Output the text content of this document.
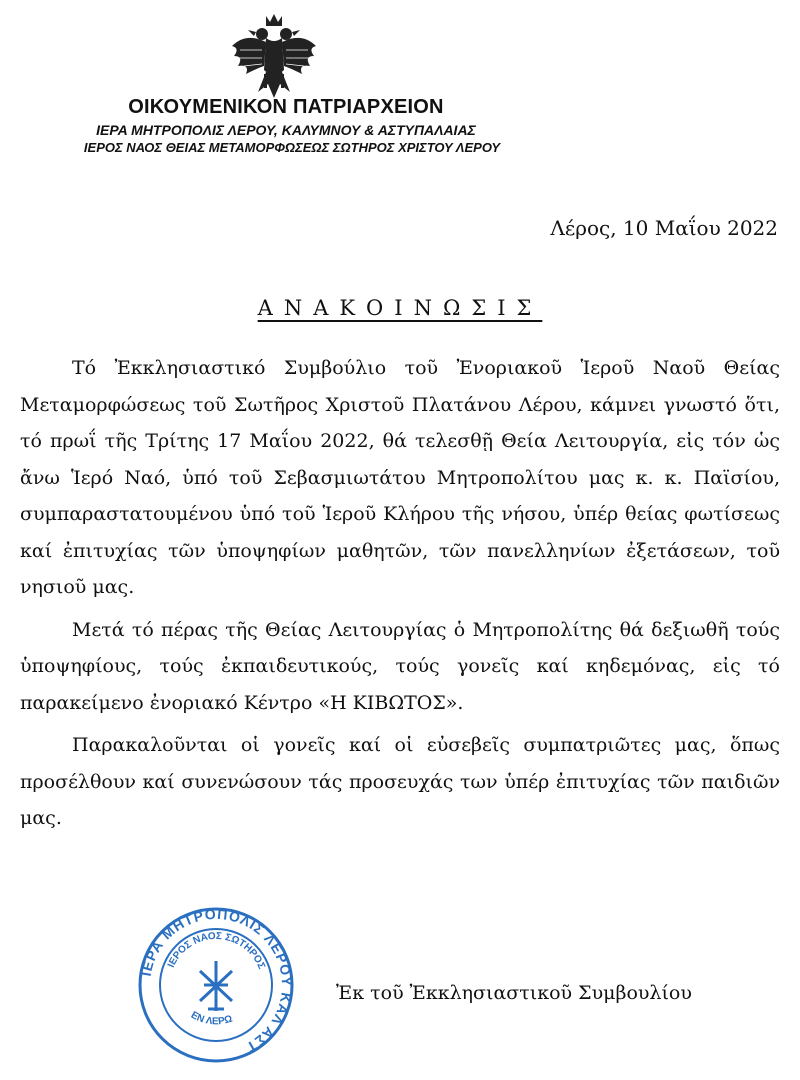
ΟΙΚΟΥΜΕΝΙΚΟΝ ΠΑΤΡΙΑΡΧΕΙΟΝ
ΙΕΡΑ ΜΗΤΡΟΠΟΛΙΣ ΛΕΡΟΥ, ΚΑΛΥΜΝΟΥ & ΑΣΤΥΠΑΛΑΙΑΣ
ΙΕΡΟΣ ΝΑΟΣ ΘΕΙΑΣ ΜΕΤΑΜΟΡΦΩΣΕΩΣ ΣΩΤΗΡΟΣ ΧΡΙΣΤΟΥ ΛΕΡΟΥ
Λέρος, 10 Μαΐου 2022
ΑΝΑΚΟΙΝΩΣΙΣ

Τό Ἐκκλησιαστικό Συμβούλιο τοῦ Ἐνοριακοῦ Ἱεροῦ Ναοῦ Θείας Μεταμορφώσεως τοῦ Σωτῆρος Χριστοῦ Πλατάνου Λέρου, κάμνει γνωστό ὅτι, τό πρωΐ τῆς Τρίτης 17 Μαΐου 2022, θά τελεσθῇ Θεία Λειτουργία, εἰς τόν ὡς ἄνω Ἱερό Ναό, ὑπό τοῦ Σεβασμιωτάτου Μητροπολίτου μας κ. κ. Παϊσίου, συμπαραστατουμένου ὑπό τοῦ Ἱεροῦ Κλήρου τῆς νήσου, ὑπέρ θείας φωτίσεως καί ἐπιτυχίας τῶν ὑποψηφίων μαθητῶν, τῶν πανελληνίων ἐξετάσεων, τοῦ νησιοῦ μας.

Μετά τό πέρας τῆς Θείας Λειτουργίας ὁ Μητροπολίτης θά δεξιωθῆ τούς ὑποψηφίους, τούς ἐκπαιδευτικούς, τούς γονεῖς καί κηδεμόνας, εἰς τό παρακείμενο ἐνοριακό Κέντρο «Η ΚΙΒΩΤΟΣ».

Παρακαλοῦνται οἱ γονεῖς καί οἱ εὐσεβεῖς συμπατριῶτες μας, ὅπως προσέλθουν καί συνενώσουν τάς προσευχάς των ὑπέρ ἐπιτυχίας τῶν παιδιῶν μας.

ΙΕΡΑ ΜΗΤΡΟΠΟΛΙΣ ΛΕΡΟΥ ΚΑΛ ΑΣΤ
ΙΕΡΟΣ ΝΑΟΣ ΣΩΤΗΡΟΣ
ΕΝ ΛΕΡΩ
Ἐκ τοῦ Ἐκκλησιαστικοῦ Συμβουλίου
